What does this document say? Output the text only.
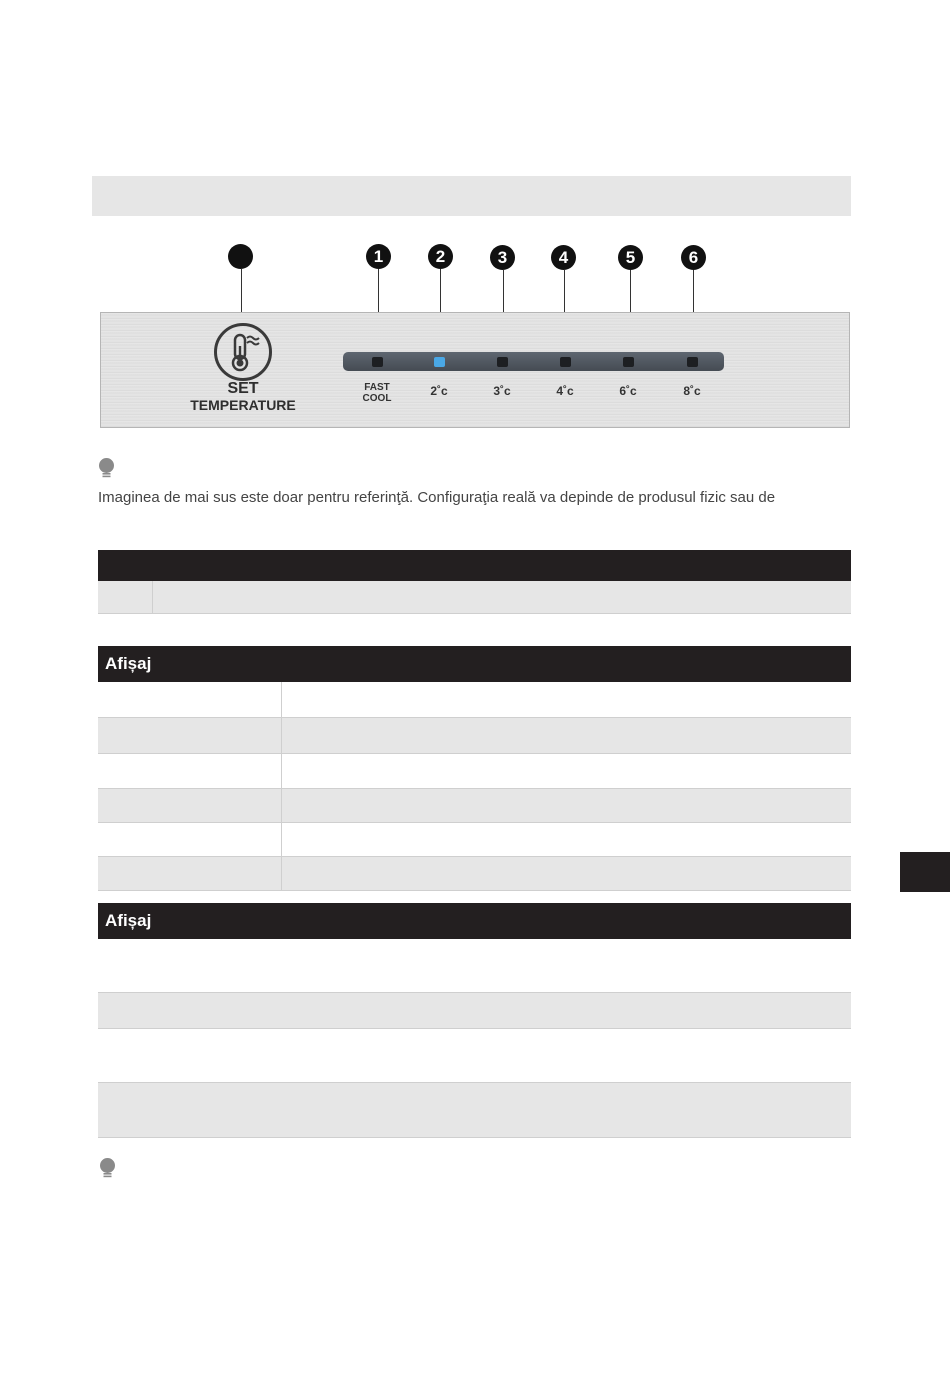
1	2	3	4	5	6
SET
TEMPERATURE
FAST
COOL
2˚c	3˚c	4˚c	6˚c	8˚c
Imaginea de mai sus este doar pentru referinţă. Configuraţia reală va depinde de produsul fizic sau de
Afișaj
Afișaj
